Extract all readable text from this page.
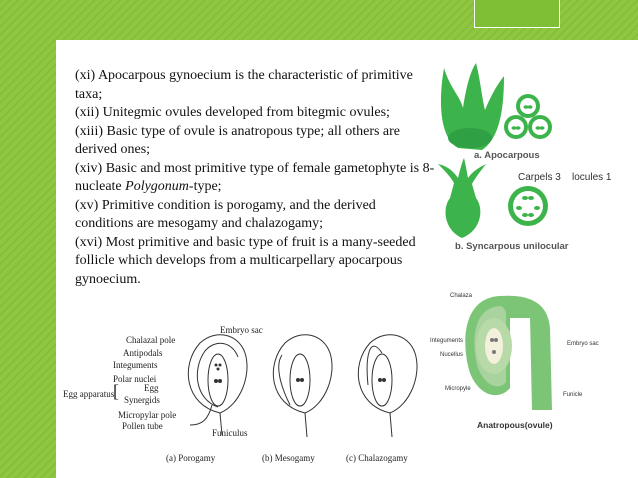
(xi) Apocarpous gynoecium is the characteristic of primitive taxa;

(xii) Unitegmic ovules developed from bitegmic ovules;

(xiii) Basic type of ovule is anatropous type; all others are derived ones;

(xiv) Basic and most primitive type of female gametophyte is 8-nucleate Polygonum-type;

(xv) Primitive condition is porogamy, and the derived conditions are mesogamy and chalazogamy;

(xvi) Most primitive and basic type of fruit is a many-seeded follicle which develops from a multicarpellary apocarpous gynoecium.

a. Apocarpous
Carpels 3 locules 1
b. Syncarpous unilocular
Chalazal pole
Embryo sac
Antipodals
Integuments
Polar nuclei
Egg
Egg apparatus
[ Synergids
Micropylar pole
Pollen tube
Funiculus
(a) Porogamy	(b) Mesogamy	(c) Chalazogamy
Chalaza
Integuments
Nucellus
Embryo sac
Micropyle
Funicle
Anatropous(ovule)
